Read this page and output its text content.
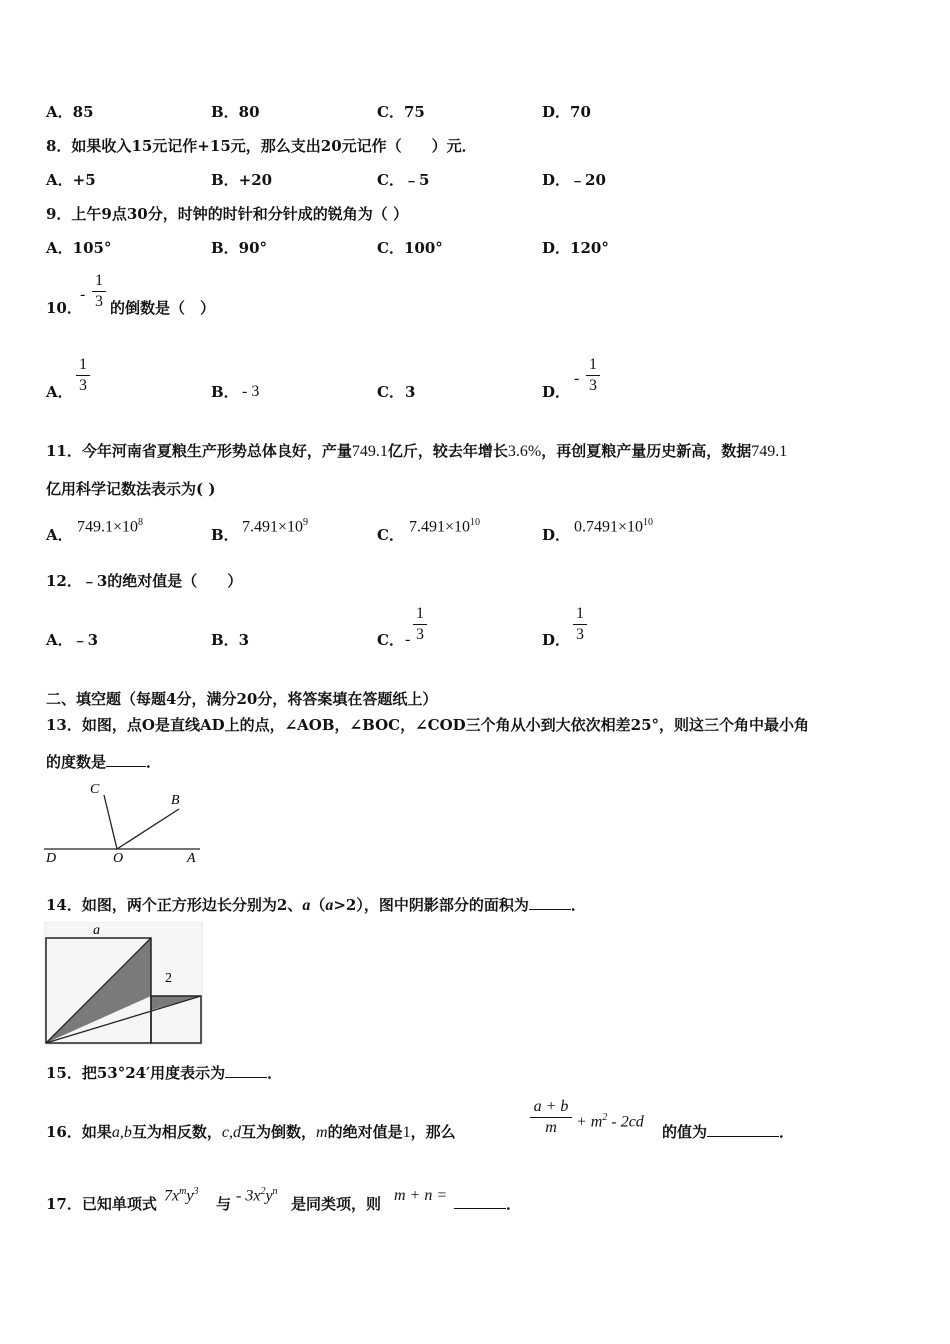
A．85	B．80	C．75	D．70
8．如果收入15元记作+15元，那么支出20元记作（　　）元．
A．+5	B．+20	C．﹣5	D．﹣20
9．上午9点30分，时钟的时针和分针成的锐角为（ ）
A．105°	B．90°	C．100°	D．120°
10．
-
1
3 的倒数是（　）
A．
1
3	B． - 3	C． 3	D．
-
1
3
11．今年河南省夏粮生产形势总体良好，产量749.1亿斤，较去年增长3.6%，再创夏粮产量历史新高，数据749.1
亿用科学记数法表示为( )
A． $749.1\times 10^8$
B． $7.491\times 10^9$
C． $7.491\times 10^{10}$
D． $0.7491\times 10^{10}$
12．﹣3的绝对值是（　　）
A．﹣3	B．3	C． -
1
3	D．
1
3
二、填空题（每题4分，满分20分，将答案填在答题纸上）
13．如图，点O是直线AD上的点，∠AOB，∠BOC，∠COD三个角从小到大依次相差25°，则这三个角中最小角
的度数是	．
C
B
D	O	A
14．如图，两个正方形边长分别为2、a（a>2），图中阴影部分的面积为	．
a
2
15．把53°24′用度表示为	．
16．如果a,b互为相反数，c,d互为倒数，m的绝对值是1，那么
a + b
m	+ $m^2 - 2cd$
的值为	．
17．已知单项式 $7x^my^3$
与 - $3x^2y^n$
是同类项，则 m + n =	．
